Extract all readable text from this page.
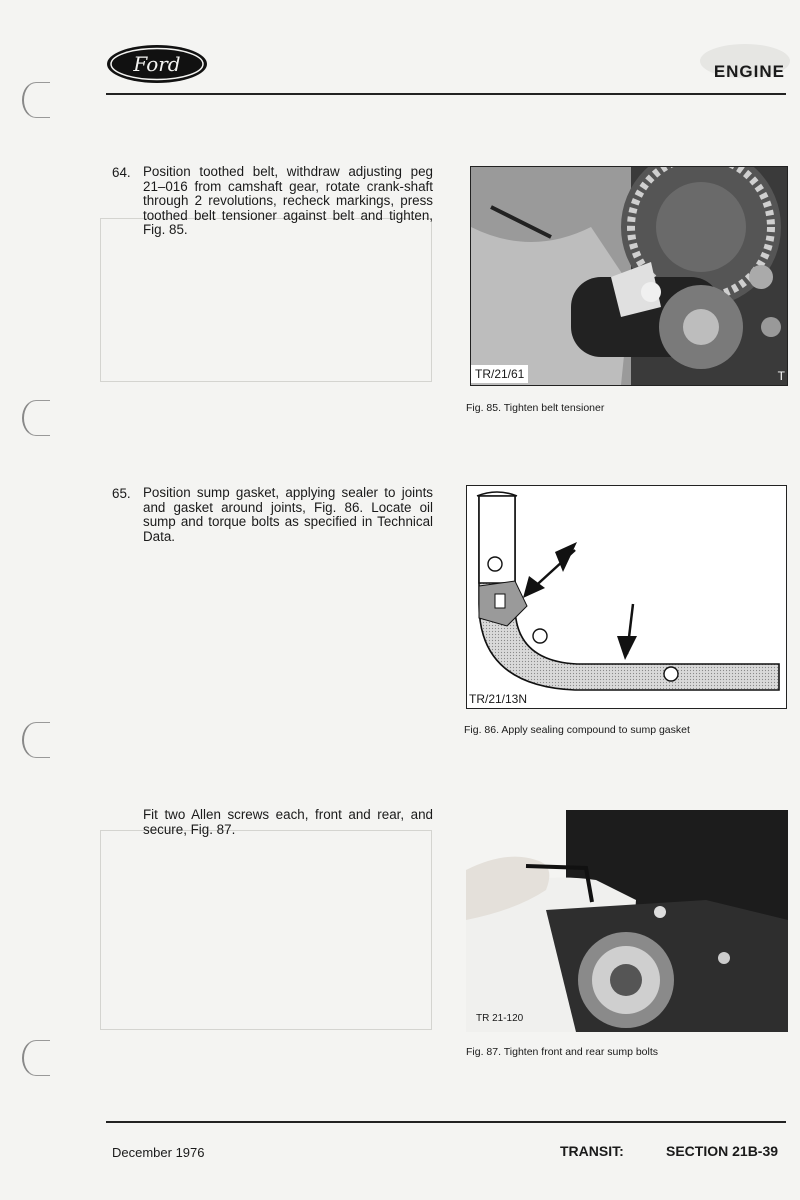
Ford	ENGINE
64. Position toothed belt, withdraw adjusting peg 21–016 from camshaft gear, rotate crank-shaft through 2 revolutions, recheck markings, press toothed belt tensioner against belt and tighten, Fig. 85.
TR/21/61	T
Fig. 85. Tighten belt tensioner
65. Position sump gasket, applying sealer to joints and gasket around joints, Fig. 86. Locate oil sump and torque bolts as specified in Technical Data.
TR/21/13N
Fig. 86. Apply sealing compound to sump gasket
Fit two Allen screws each, front and rear, and secure, Fig. 87.
TR 21-120
Fig. 87. Tighten front and rear sump bolts
December 1976	TRANSIT:	SECTION 21B-39
